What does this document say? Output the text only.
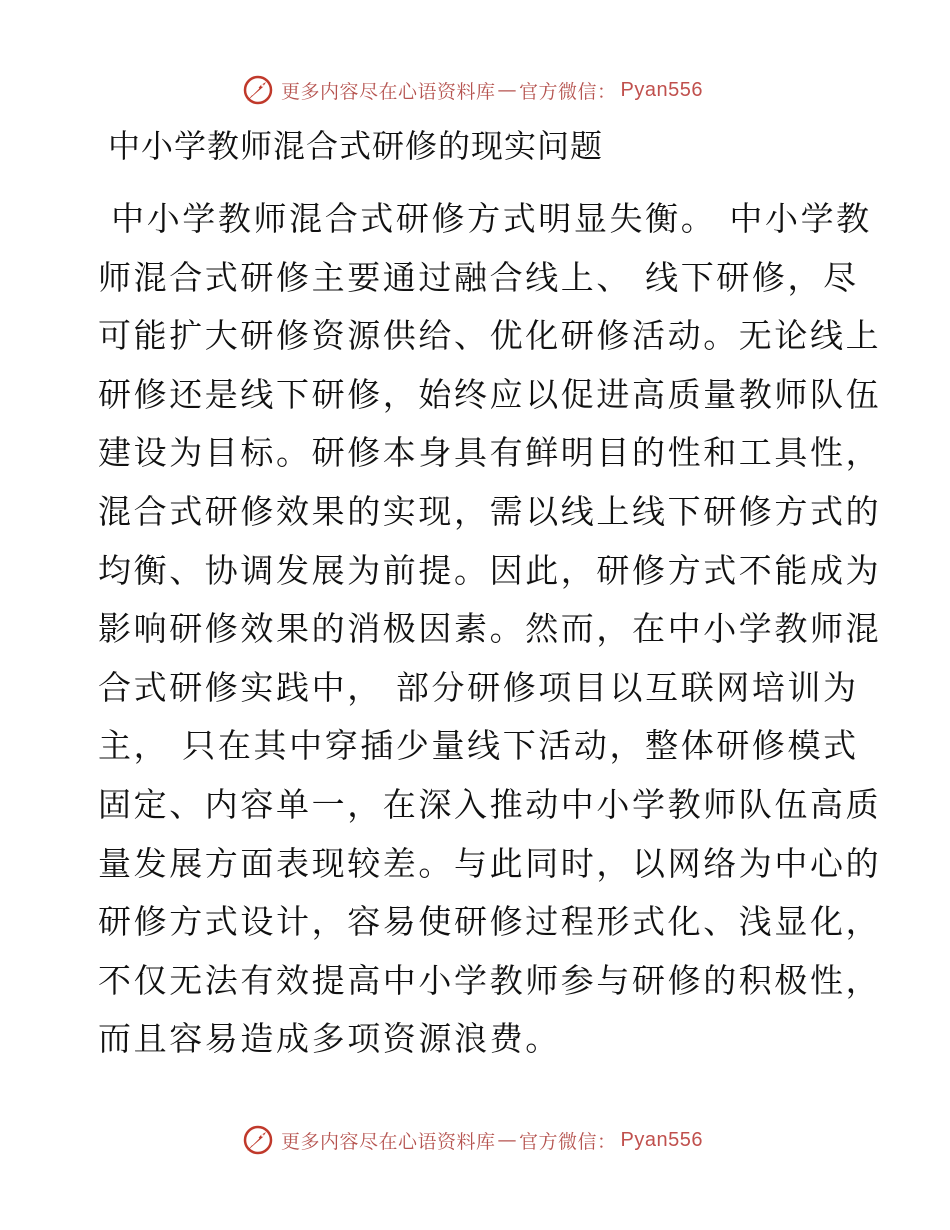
更多内容尽在心语资料库 — 官方微信： Pyan556
中小学教师混合式研修的现实问题
中小学教师混合式研修方式明显失衡。 中小学教
师混合式研修主要通过融合线上、 线下研修，尽
可能扩大研修资源供给、优化研修活动。无论线上
研修还是线下研修，始终应以促进高质量教师队伍
建设为目标。研修本身具有鲜明目的性和工具性，
混合式研修效果的实现，需以线上线下研修方式的
均衡、协调发展为前提。因此，研修方式不能成为
影响研修效果的消极因素。然而，在中小学教师混
合式研修实践中， 部分研修项目以互联网培训为
主， 只在其中穿插少量线下活动，整体研修模式
固定、内容单一，在深入推动中小学教师队伍高质
量发展方面表现较差。与此同时，以网络为中心的
研修方式设计，容易使研修过程形式化、浅显化，
不仅无法有效提高中小学教师参与研修的积极性，
而且容易造成多项资源浪费。
更多内容尽在心语资料库 — 官方微信： Pyan556
